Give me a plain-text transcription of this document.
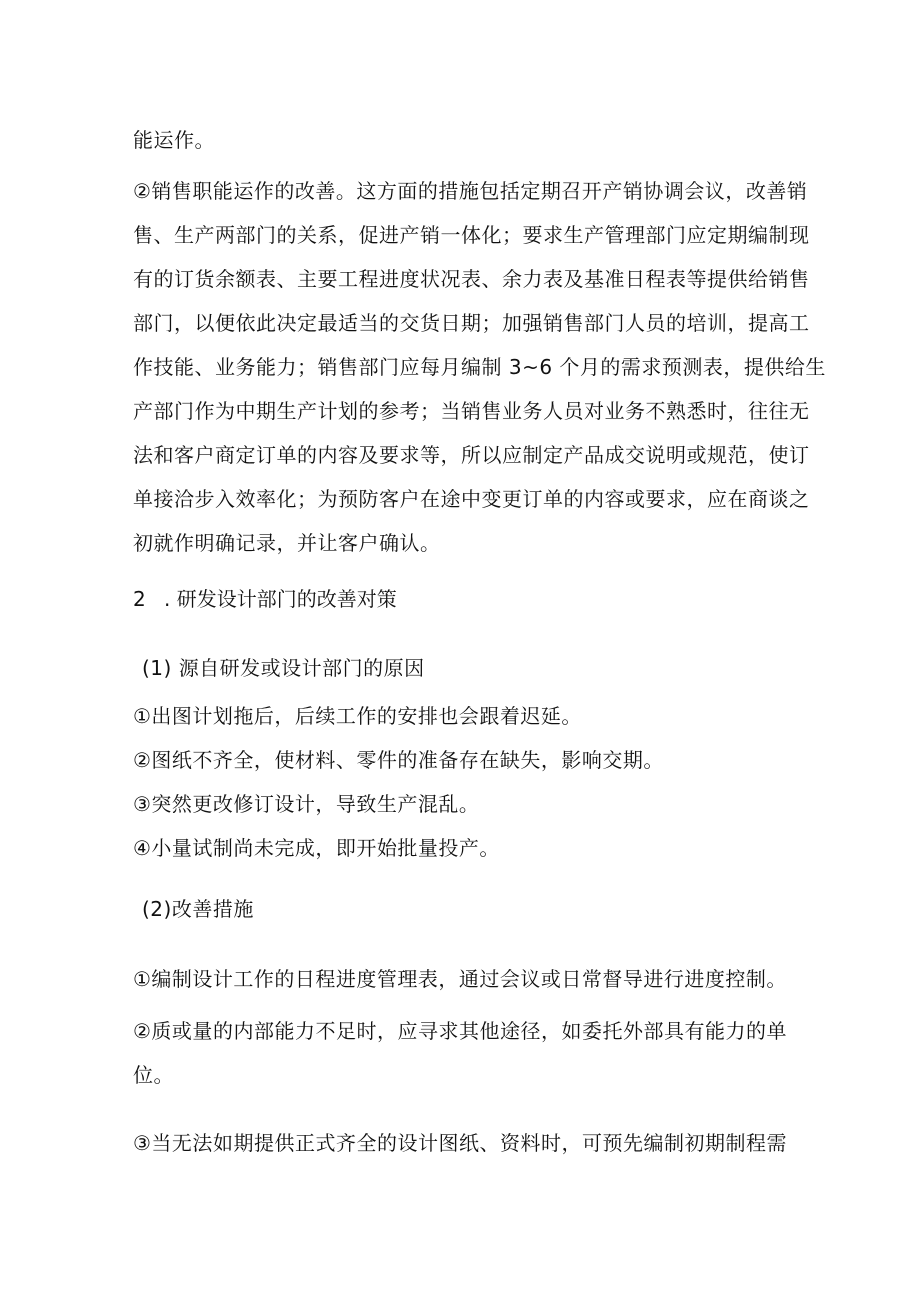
能运作。
②销售职能运作的改善。这方面的措施包括定期召开产销协调会议，改善销
售、生产两部门的关系，促进产销一体化；要求生产管理部门应定期编制现
有的订货余额表、主要工程进度状况表、余力表及基准日程表等提供给销售
部门，以便依此决定最适当的交货日期；加强销售部门人员的培训，提高工
作技能、业务能力；销售部门应每月编制 3~6 个月的需求预测表，提供给生
产部门作为中期生产计划的参考；当销售业务人员对业务不熟悉时，往往无
法和客户商定订单的内容及要求等，所以应制定产品成交说明或规范，使订
单接洽步入效率化；为预防客户在途中变更订单的内容或要求，应在商谈之
初就作明确记录，并让客户确认。
2 . 研发设计部门的改善对策
(1) 源自研发或设计部门的原因
①出图计划拖后，后续工作的安排也会跟着迟延。
②图纸不齐全，使材料、零件的准备存在缺失，影响交期。
③突然更改修订设计，导致生产混乱。
④小量试制尚未完成，即开始批量投产。
(2)改善措施
①编制设计工作的日程进度管理表，通过会议或日常督导进行进度控制。
②质或量的内部能力不足时，应寻求其他途径，如委托外部具有能力的单
位。
③当无法如期提供正式齐全的设计图纸、资料时，可预先编制初期制程需
